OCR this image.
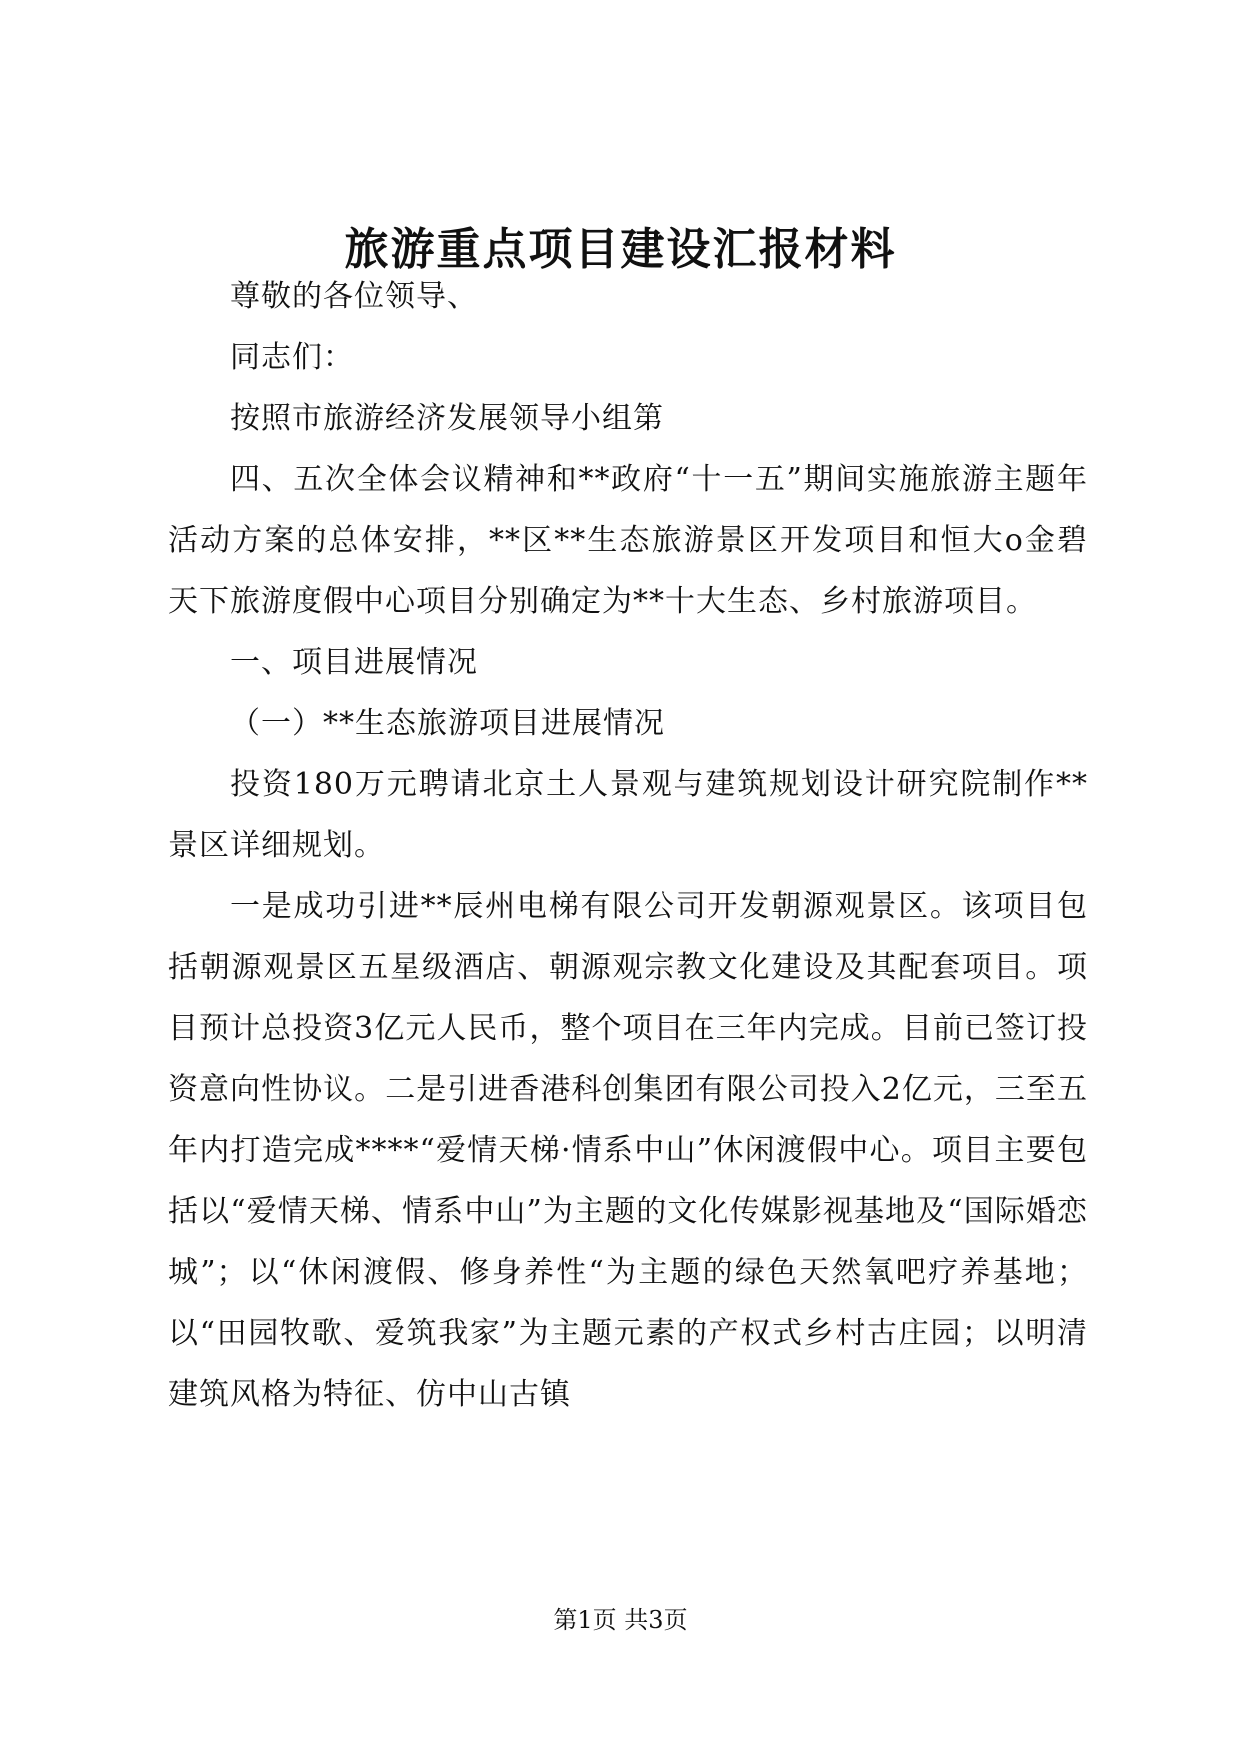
旅游重点项目建设汇报材料

尊敬的各位领导、

同志们：

按照市旅游经济发展领导小组第

四、五次全体会议精神和**政府“十一五”期间实施旅游主题年活动方案的总体安排，**区**生态旅游景区开发项目和恒大o金碧天下旅游度假中心项目分别确定为**十大生态、乡村旅游项目。

一、项目进展情况

（一）**生态旅游项目进展情况

投资180万元聘请北京土人景观与建筑规划设计研究院制作**景区详细规划。

一是成功引进**辰州电梯有限公司开发朝源观景区。该项目包括朝源观景区五星级酒店、朝源观宗教文化建设及其配套项目。项目预计总投资3亿元人民币，整个项目在三年内完成。目前已签订投资意向性协议。二是引进香港科创集团有限公司投入2亿元，三至五年内打造完成****“爱情天梯·情系中山”休闲渡假中心。项目主要包括以“爱情天梯、情系中山”为主题的文化传媒影视基地及“国际婚恋城”；以“休闲渡假、修身养性“为主题的绿色天然氧吧疗养基地；以“田园牧歌、爱筑我家”为主题元素的产权式乡村古庄园；以明清建筑风格为特征、仿中山古镇

第1页 共3页
